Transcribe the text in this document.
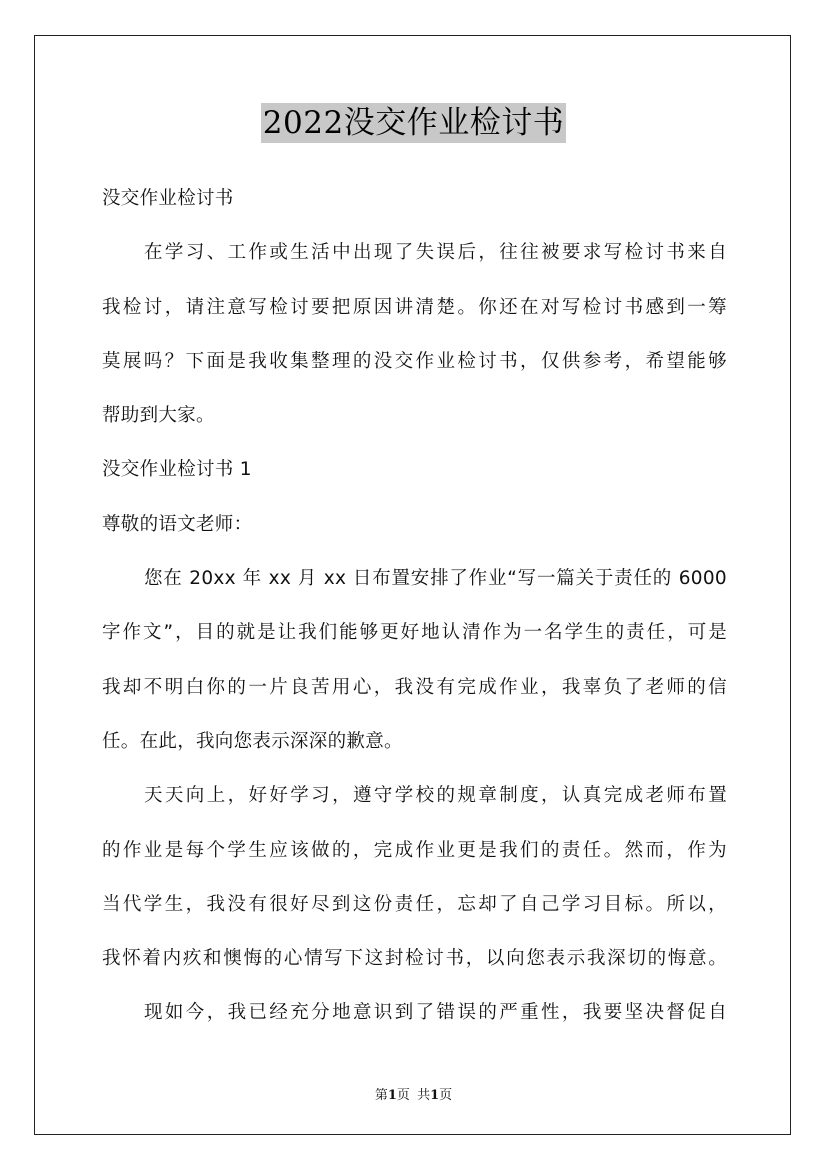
2022没交作业检讨书
没交作业检讨书
在学习、工作或生活中出现了失误后，往往被要求写检讨书来自
我检讨，请注意写检讨要把原因讲清楚。你还在对写检讨书感到一筹
莫展吗？下面是我收集整理的没交作业检讨书，仅供参考，希望能够
帮助到大家。
没交作业检讨书 1
尊敬的语文老师：
您在 20xx 年 xx 月 xx 日布置安排了作业“写一篇关于责任的 6000
字作文”，目的就是让我们能够更好地认清作为一名学生的责任，可是
我却不明白你的一片良苦用心，我没有完成作业，我辜负了老师的信
任。在此，我向您表示深深的歉意。
天天向上，好好学习，遵守学校的规章制度，认真完成老师布置
的作业是每个学生应该做的，完成作业更是我们的责任。然而，作为
当代学生，我没有很好尽到这份责任，忘却了自己学习目标。所以，
我怀着内疚和懊悔的心情写下这封检讨书，以向您表示我深切的悔意。
现如今，我已经充分地意识到了错误的严重性，我要坚决督促自
第1页 共1页
